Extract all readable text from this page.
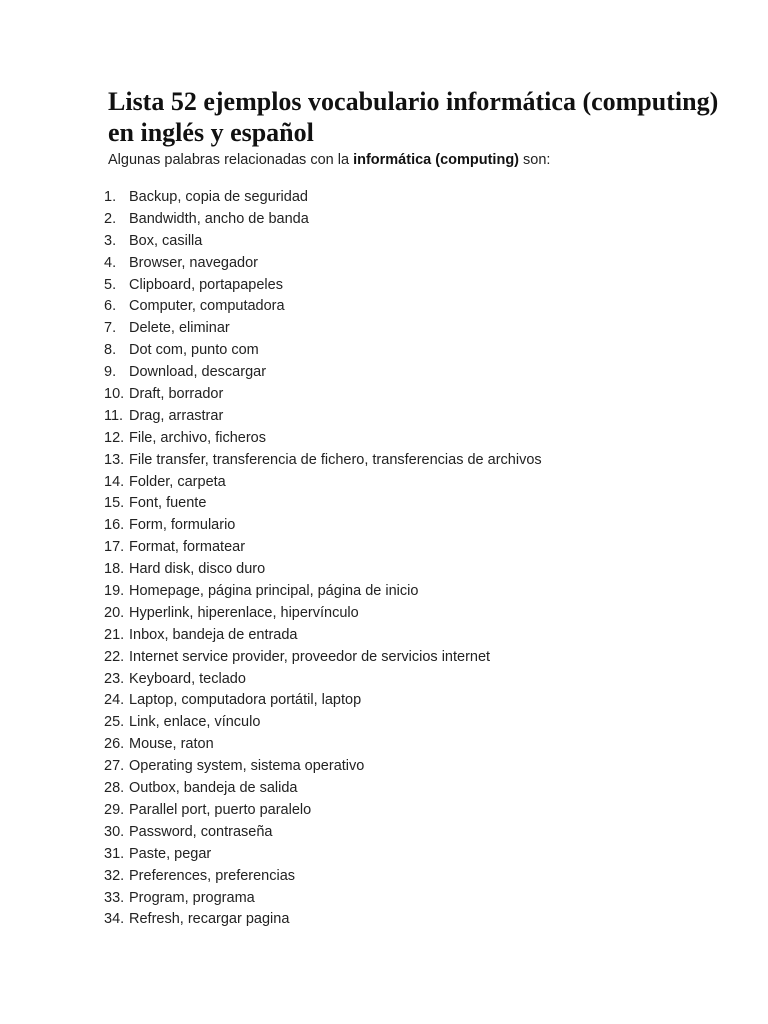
Lista 52 ejemplos vocabulario informática (computing) en inglés y español

Algunas palabras relacionadas con la informática (computing) son:

1. Backup, copia de seguridad
2. Bandwidth, ancho de banda
3. Box, casilla
4. Browser, navegador
5. Clipboard, portapapeles
6. Computer, computadora
7. Delete, eliminar
8. Dot com, punto com
9. Download, descargar
10. Draft, borrador
11. Drag, arrastrar
12. File, archivo, ficheros
13. File transfer, transferencia de fichero, transferencias de archivos
14. Folder, carpeta
15. Font, fuente
16. Form, formulario
17. Format, formatear
18. Hard disk, disco duro
19. Homepage, página principal, página de inicio
20. Hyperlink, hiperenlace, hipervínculo
21. Inbox, bandeja de entrada
22. Internet service provider, proveedor de servicios internet
23. Keyboard, teclado
24. Laptop, computadora portátil, laptop
25. Link, enlace, vínculo
26. Mouse, raton
27. Operating system, sistema operativo
28. Outbox, bandeja de salida
29. Parallel port, puerto paralelo
30. Password, contraseña
31. Paste, pegar
32. Preferences, preferencias
33. Program, programa
34. Refresh, recargar pagina
